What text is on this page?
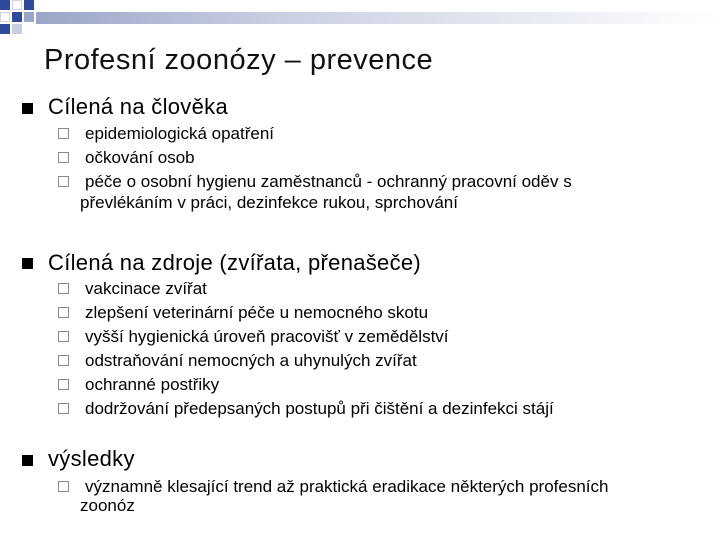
Profesní zoonózy – prevence
Cílená na člověka
epidemiologická opatření
očkování osob
péče o osobní hygienu zaměstnanců - ochranný pracovní oděv s
převlékáním v práci, dezinfekce rukou, sprchování
Cílená na zdroje (zvířata, přenašeče)
vakcinace zvířat
zlepšení veterinární péče u nemocného skotu
vyšší hygienická úroveň pracovišť v zemědělství
odstraňování nemocných a uhynulých zvířat
ochranné postřiky
dodržování předepsaných postupů při čištění a dezinfekci stájí
výsledky
významně klesající trend až praktická eradikace některých profesních
zoonóz
